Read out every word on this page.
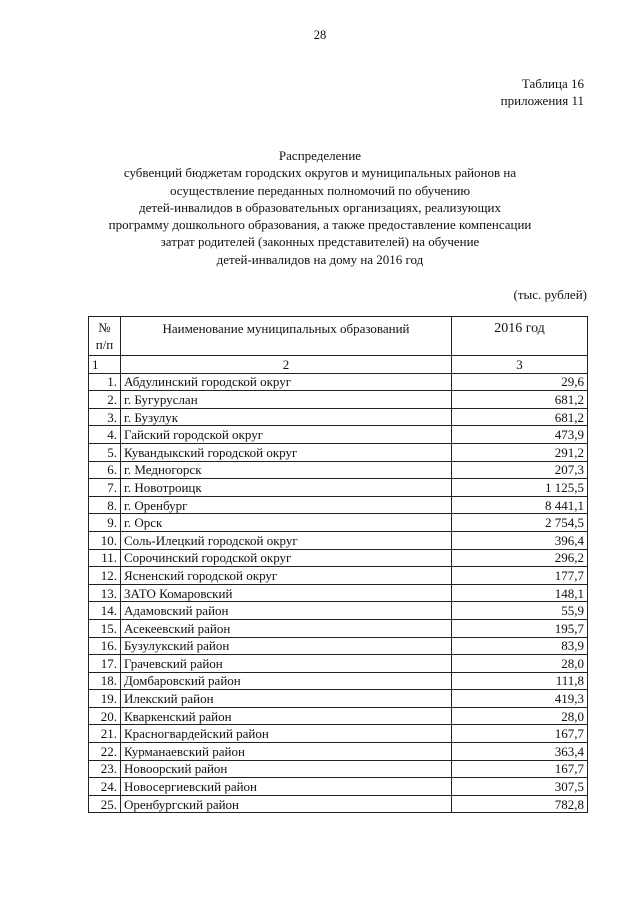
28
Таблица 16
приложения 11
Распределение
субвенций бюджетам городских округов и муниципальных районов на
осуществление переданных полномочий по обучению
детей-инвалидов в образовательных организациях, реализующих
программу дошкольного образования, а также предоставление компенсации
затрат родителей (законных представителей) на обучение
детей-инвалидов на дому на 2016 год
(тыс. рублей)
№
п/п	Наименование муниципальных образований	2016 год
1	2	3
1.	Абдулинский городской округ	29,6
2.	г. Бугуруслан	681,2
3.	г. Бузулук	681,2
4.	Гайский городской округ	473,9
5.	Кувандыкский городской округ	291,2
6.	г. Медногорск	207,3
7.	г. Новотроицк	1 125,5
8.	г. Оренбург	8 441,1
9.	г. Орск	2 754,5
10.	Соль-Илецкий городской округ	396,4
11.	Сорочинский городской округ	296,2
12.	Ясненский городской округ	177,7
13.	ЗАТО Комаровский	148,1
14.	Адамовский район	55,9
15.	Асекеевский район	195,7
16.	Бузулукский район	83,9
17.	Грачевский район	28,0
18.	Домбаровский район	111,8
19.	Илекский район	419,3
20.	Кваркенский район	28,0
21.	Красногвардейский район	167,7
22.	Курманаевский район	363,4
23.	Новоорский район	167,7
24.	Новосергиевский район	307,5
25.	Оренбургский район	782,8
